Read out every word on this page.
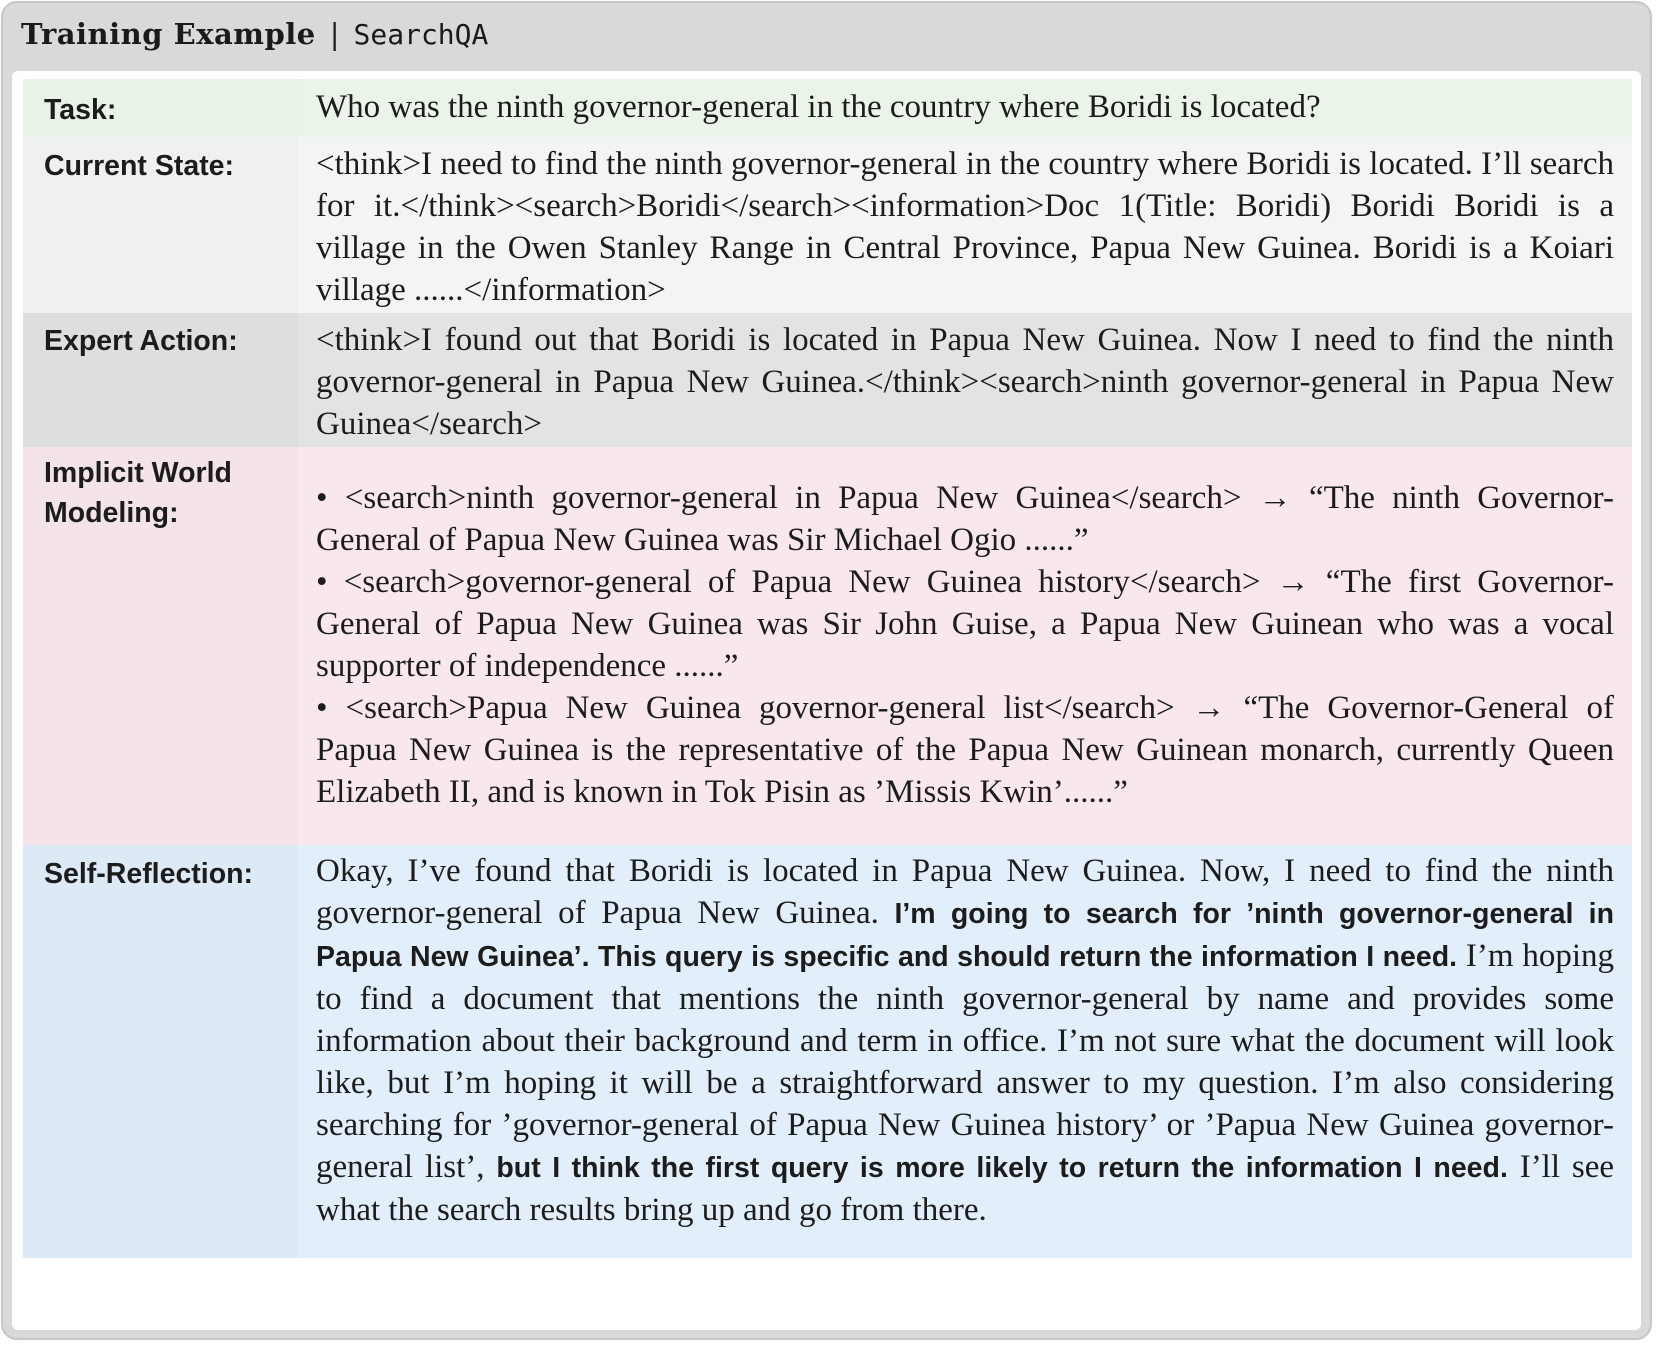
Training Example | SearchQA
Task:	Who was the ninth governor-general in the country where Boridi is located?
Current State:	<think>I need to find the ninth governor-general in the country where Boridi is located. I’ll search for it.</think><search>Boridi</search><information>Doc 1(Title: Boridi) Boridi Boridi is a village in the Owen Stanley Range in Central Province, Papua New Guinea. Boridi is a Koiari village ......</information>
Expert Action:	<think>I found out that Boridi is located in Papua New Guinea. Now I need to find the ninth governor-general in Papua New Guinea.</think><search>ninth governor-general in Papua New Guinea</search>
Implicit World Modeling:	• <search>ninth governor-general in Papua New Guinea</search> → “The ninth Governor-General of Papua New Guinea was Sir Michael Ogio ......”
• <search>governor-general of Papua New Guinea history</search> → “The first Governor-General of Papua New Guinea was Sir John Guise, a Papua New Guinean who was a vocal supporter of independence ......”
• <search>Papua New Guinea governor-general list</search> → “The Governor-General of Papua New Guinea is the representative of the Papua New Guinean monarch, currently Queen Elizabeth II, and is known in Tok Pisin as ’Missis Kwin’......”
Self-Reflection:	Okay, I’ve found that Boridi is located in Papua New Guinea. Now, I need to find the ninth governor-general of Papua New Guinea. I’m going to search for ’ninth governor-general in Papua New Guinea’. This query is specific and should return the information I need. I’m hoping to find a document that mentions the ninth governor-general by name and provides some information about their background and term in office. I’m not sure what the document will look like, but I’m hoping it will be a straightforward answer to my question. I’m also considering searching for ’governor-general of Papua New Guinea history’ or ’Papua New Guinea governor-general list’, but I think the first query is more likely to return the information I need. I’ll see what the search results bring up and go from there.
